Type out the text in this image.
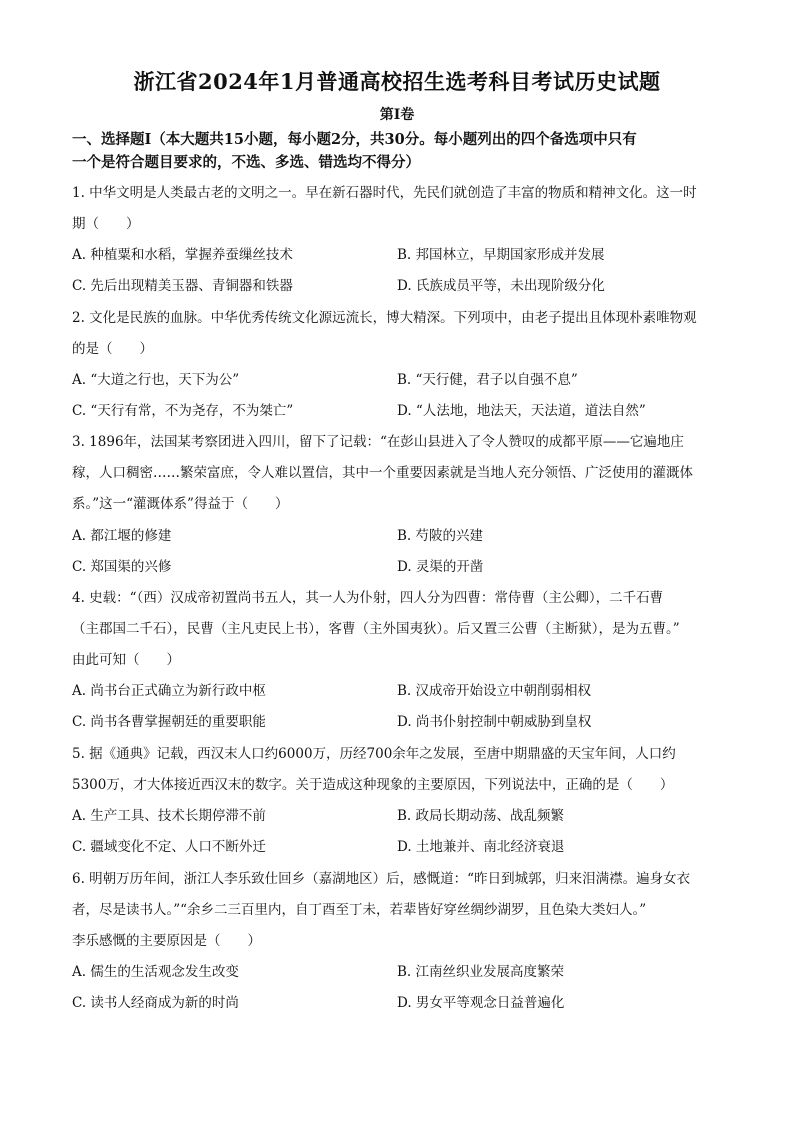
浙江省2024年1月普通高校招生选考科目考试历史试题
第Ⅰ卷
一、选择题Ⅰ（本大题共15小题，每小题2分，共30分。每小题列出的四个备选项中只有
一个是符合题目要求的，不选、多选、错选均不得分）
1. 中华文明是人类最古老的文明之一。早在新石器时代，先民们就创造了丰富的物质和精神文化。这一时
期（　　）
A. 种植粟和水稻，掌握养蚕缫丝技术	B. 邦国林立，早期国家形成并发展
C. 先后出现精美玉器、青铜器和铁器	D. 氏族成员平等，未出现阶级分化
2. 文化是民族的血脉。中华优秀传统文化源远流长，博大精深。下列项中，由老子提出且体现朴素唯物观
的是（　　）
A. “大道之行也，天下为公”	B. “天行健，君子以自强不息”
C. “天行有常，不为尧存，不为桀亡”	D. “人法地，地法天，天法道，道法自然”
3. 1896年，法国某考察团进入四川，留下了记载：“在彭山县进入了令人赞叹的成都平原——它遍地庄
稼，人口稠密……繁荣富庶，令人难以置信，其中一个重要因素就是当地人充分领悟、广泛使用的灌溉体
系。”这一“灌溉体系”得益于（　　）
A. 都江堰的修建	B. 芍陂的兴建
C. 郑国渠的兴修	D. 灵渠的开凿
4. 史载：“（西）汉成帝初置尚书五人，其一人为仆射，四人分为四曹：常侍曹（主公卿），二千石曹
（主郡国二千石），民曹（主凡吏民上书），客曹（主外国夷狄）。后又置三公曹（主断狱），是为五曹。”
由此可知（　　）
A. 尚书台正式确立为新行政中枢	B. 汉成帝开始设立中朝削弱相权
C. 尚书各曹掌握朝廷的重要职能	D. 尚书仆射控制中朝威胁到皇权
5. 据《通典》记载，西汉末人口约6000万，历经700余年之发展，至唐中期鼎盛的天宝年间，人口约
5300万，才大体接近西汉末的数字。关于造成这种现象的主要原因，下列说法中，正确的是（　　）
A. 生产工具、技术长期停滞不前	B. 政局长期动荡、战乱频繁
C. 疆域变化不定、人口不断外迁	D. 土地兼并、南北经济衰退
6. 明朝万历年间，浙江人李乐致仕回乡（嘉湖地区）后，感慨道：“昨日到城郭，归来泪满襟。遍身女衣
者，尽是读书人。”“余乡二三百里内，自丁酉至丁未，若辈皆好穿丝绸纱湖罗，且色染大类妇人。”
李乐感慨的主要原因是（　　）
A. 儒生的生活观念发生改变	B. 江南丝织业发展高度繁荣
C. 读书人经商成为新的时尚	D. 男女平等观念日益普遍化
